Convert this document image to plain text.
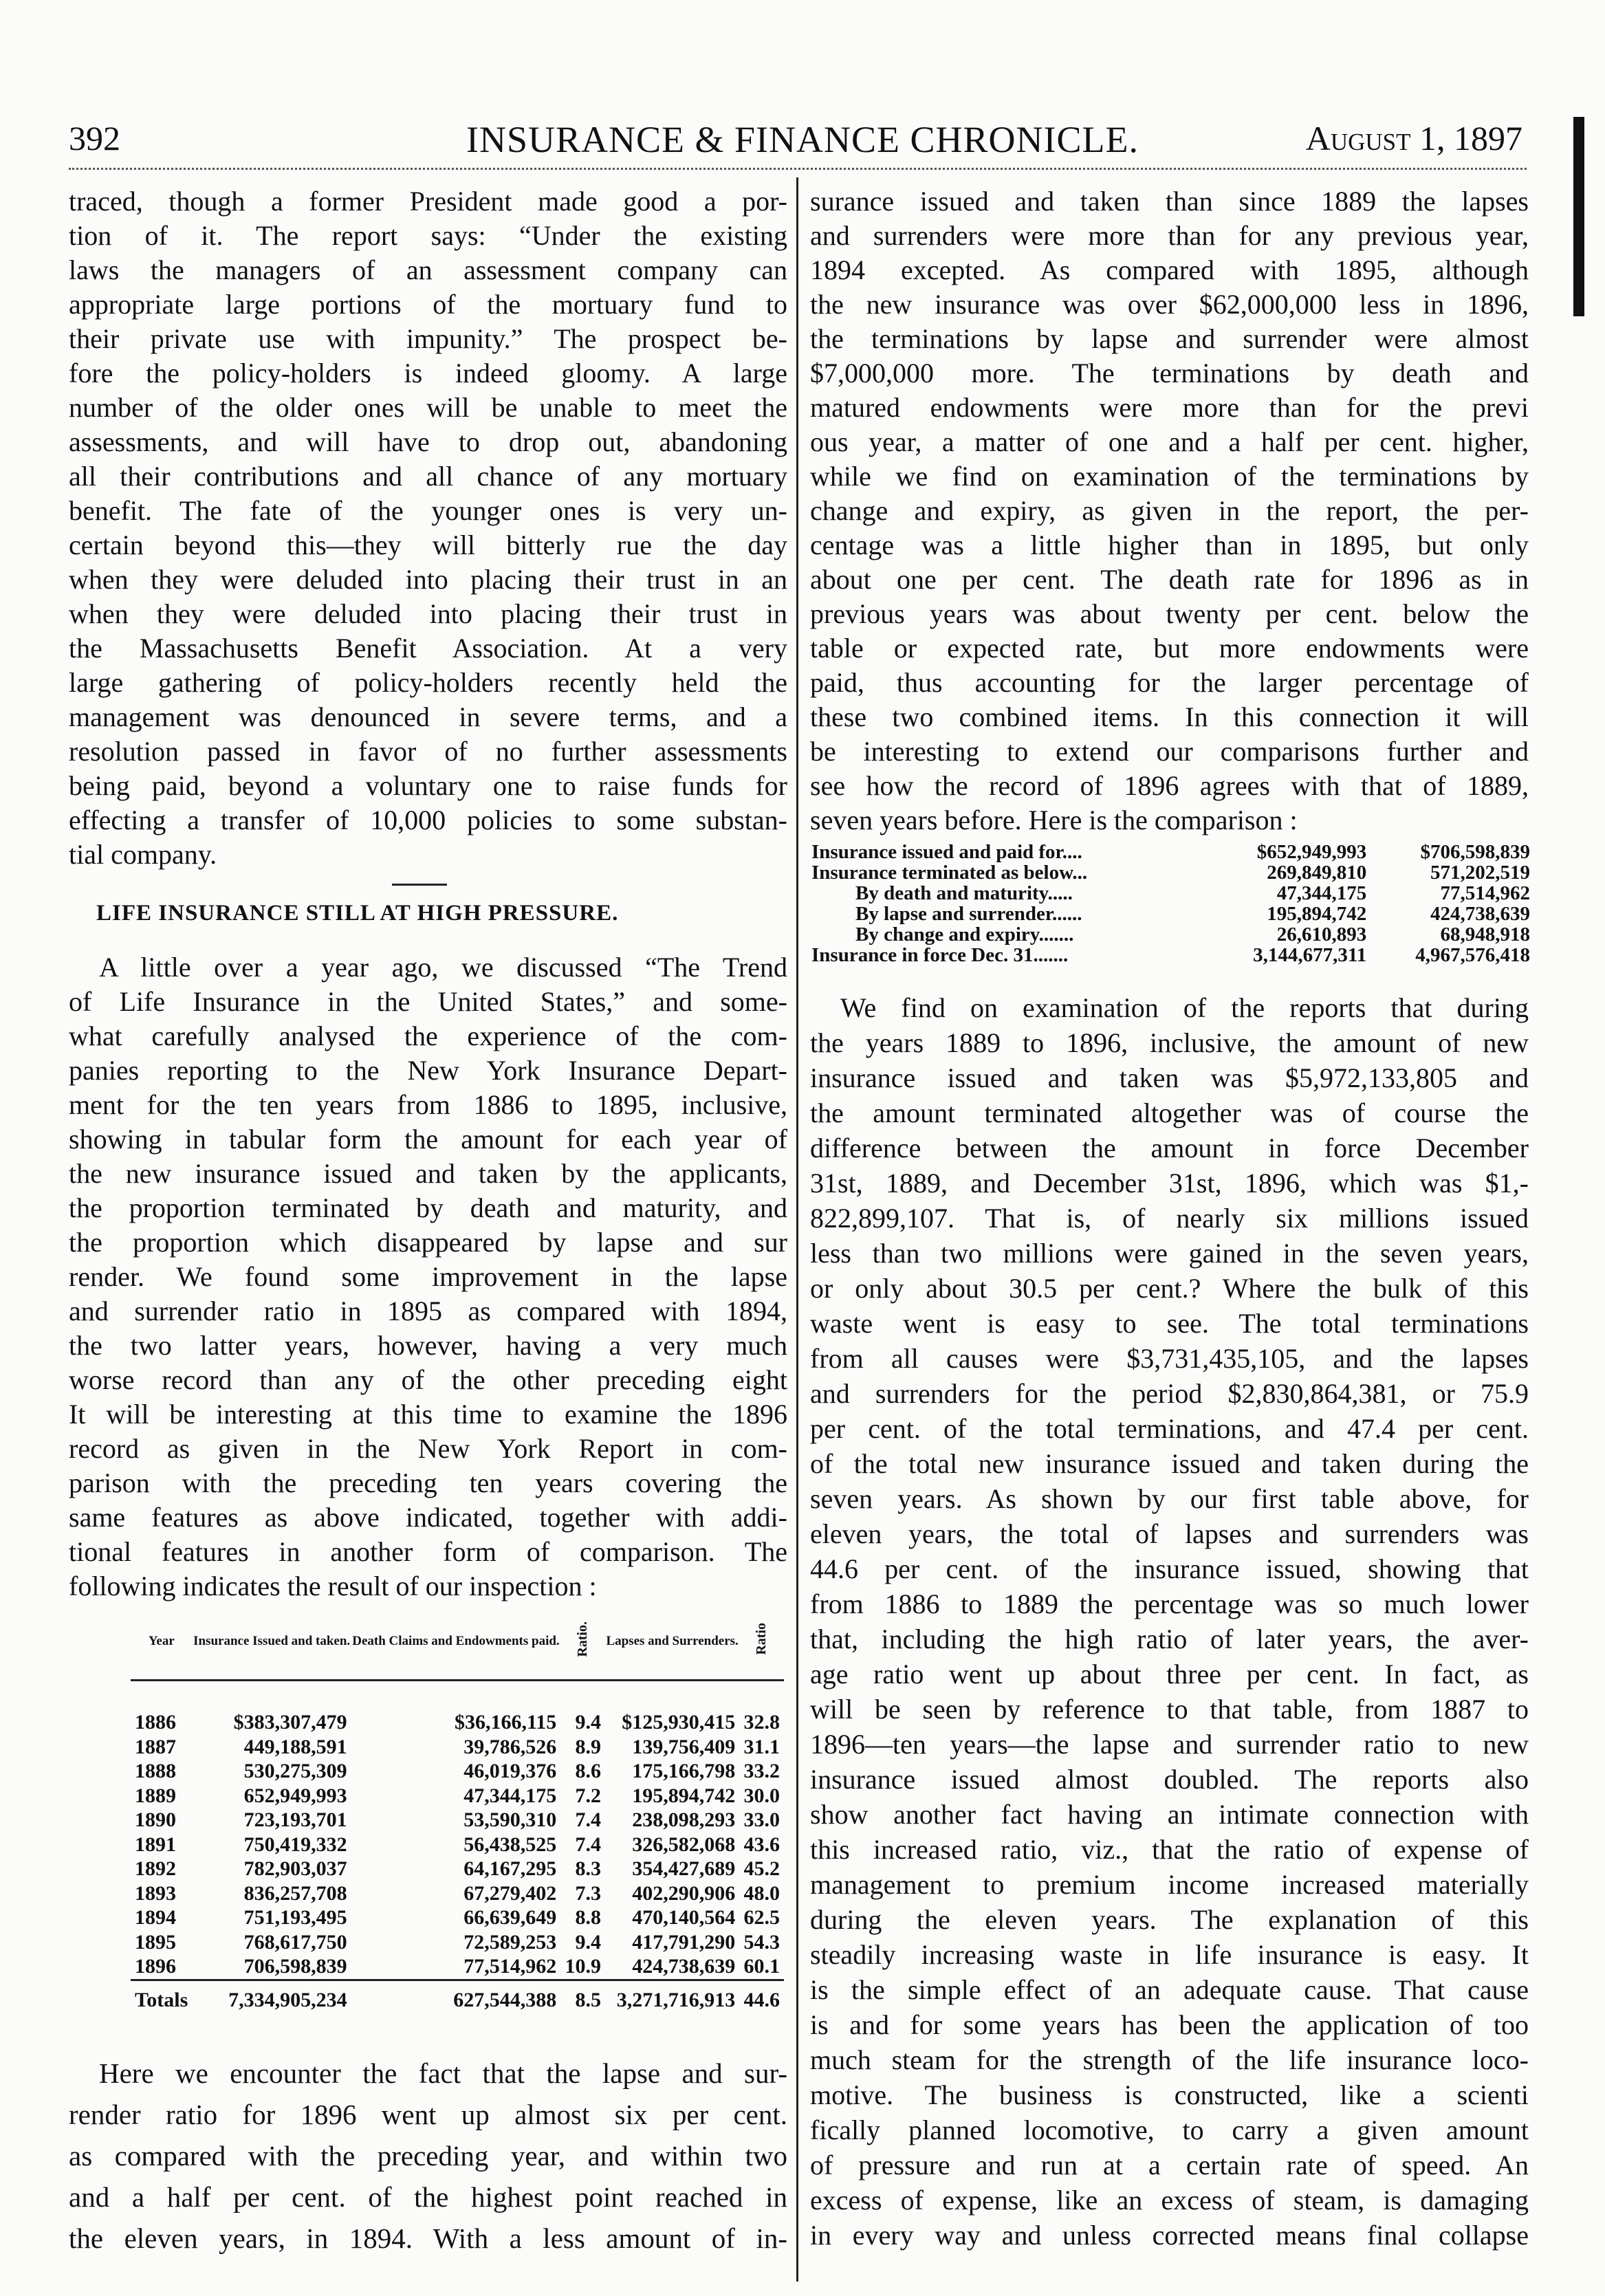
392	INSURANCE & FINANCE CHRONICLE.	August 1, 1897
traced, though a former President made good a por-
tion of it. The report says: “Under the existing
laws the managers of an assessment company can
appropriate large portions of the mortuary fund to
their private use with impunity.” The prospect be-
fore the policy-holders is indeed gloomy. A large
number of the older ones will be unable to meet the
assessments, and will have to drop out, abandoning
all their contributions and all chance of any mortuary
benefit. The fate of the younger ones is very un-
certain beyond this—they will bitterly rue the day
when they were deluded into placing their trust in an
when they were deluded into placing their trust in
the Massachusetts Benefit Association. At a very
large gathering of policy-holders recently held the
management was denounced in severe terms, and a
resolution passed in favor of no further assessments
being paid, beyond a voluntary one to raise funds for
effecting a transfer of 10,000 policies to some substan-
tial company.
LIFE INSURANCE STILL AT HIGH PRESSURE.
A little over a year ago, we discussed “The Trend
of Life Insurance in the United States,” and some-
what carefully analysed the experience of the com-
panies reporting to the New York Insurance Depart-
ment for the ten years from 1886 to 1895, inclusive,
showing in tabular form the amount for each year of
the new insurance issued and taken by the applicants,
the proportion terminated by death and maturity, and
the proportion which disappeared by lapse and sur
render. We found some improvement in the lapse
and surrender ratio in 1895 as compared with 1894,
the two latter years, however, having a very much
worse record than any of the other preceding eight
It will be interesting at this time to examine the 1896
record as given in the New York Report in com-
parison with the preceding ten years covering the
same features as above indicated, together with addi-
tional features in another form of comparison. The
following indicates the result of our inspection :
Year	Insurance Issued and taken.	Death Claims and Endowments paid.	Ratio.	Lapses and Surrenders.	Ratio

1886	$383,307,479	$36,166,115	9.4	$125,930,415	32.8
1887	449,188,591	39,786,526	8.9	139,756,409	31.1
1888	530,275,309	46,019,376	8.6	175,166,798	33.2
1889	652,949,993	47,344,175	7.2	195,894,742	30.0
1890	723,193,701	53,590,310	7.4	238,098,293	33.0
1891	750,419,332	56,438,525	7.4	326,582,068	43.6
1892	782,903,037	64,167,295	8.3	354,427,689	45.2
1893	836,257,708	67,279,402	7.3	402,290,906	48.0
1894	751,193,495	66,639,649	8.8	470,140,564	62.5
1895	768,617,750	72,589,253	9.4	417,791,290	54.3
1896	706,598,839	77,514,962	10.9	424,738,639	60.1
Totals	7,334,905,234	627,544,388	8.5	3,271,716,913	44.6
Here we encounter the fact that the lapse and sur-
render ratio for 1896 went up almost six per cent.
as compared with the preceding year, and within two
and a half per cent. of the highest point reached in
the eleven years, in 1894. With a less amount of in-
surance issued and taken than since 1889 the lapses
and surrenders were more than for any previous year,
1894 excepted. As compared with 1895, although
the new insurance was over $62,000,000 less in 1896,
the terminations by lapse and surrender were almost
$7,000,000 more. The terminations by death and
matured endowments were more than for the previ
ous year, a matter of one and a half per cent. higher,
while we find on examination of the terminations by
change and expiry, as given in the report, the per-
centage was a little higher than in 1895, but only
about one per cent. The death rate for 1896 as in
previous years was about twenty per cent. below the
table or expected rate, but more endowments were
paid, thus accounting for the larger percentage of
these two combined items. In this connection it will
be interesting to extend our comparisons further and
see how the record of 1896 agrees with that of 1889,
seven years before. Here is the comparison :
Insurance issued and paid for....	$652,949,993	$706,598,839
Insurance terminated as below...	269,849,810	571,202,519
By death and maturity.....	47,344,175	77,514,962
By lapse and surrender......	195,894,742	424,738,639
By change and expiry.......	26,610,893	68,948,918
Insurance in force Dec. 31.......	3,144,677,311	4,967,576,418
We find on examination of the reports that during
the years 1889 to 1896, inclusive, the amount of new
insurance issued and taken was $5,972,133,805 and
the amount terminated altogether was of course the
difference between the amount in force December
31st, 1889, and December 31st, 1896, which was $1,-
822,899,107. That is, of nearly six millions issued
less than two millions were gained in the seven years,
or only about 30.5 per cent.? Where the bulk of this
waste went is easy to see. The total terminations
from all causes were $3,731,435,105, and the lapses
and surrenders for the period $2,830,864,381, or 75.9
per cent. of the total terminations, and 47.4 per cent.
of the total new insurance issued and taken during the
seven years. As shown by our first table above, for
eleven years, the total of lapses and surrenders was
44.6 per cent. of the insurance issued, showing that
from 1886 to 1889 the percentage was so much lower
that, including the high ratio of later years, the aver-
age ratio went up about three per cent. In fact, as
will be seen by reference to that table, from 1887 to
1896—ten years—the lapse and surrender ratio to new
insurance issued almost doubled. The reports also
show another fact having an intimate connection with
this increased ratio, viz., that the ratio of expense of
management to premium income increased materially
during the eleven years. The explanation of this
steadily increasing waste in life insurance is easy. It
is the simple effect of an adequate cause. That cause
is and for some years has been the application of too
much steam for the strength of the life insurance loco-
motive. The business is constructed, like a scienti
fically planned locomotive, to carry a given amount
of pressure and run at a certain rate of speed. An
excess of expense, like an excess of steam, is damaging
in every way and unless corrected means final collapse
